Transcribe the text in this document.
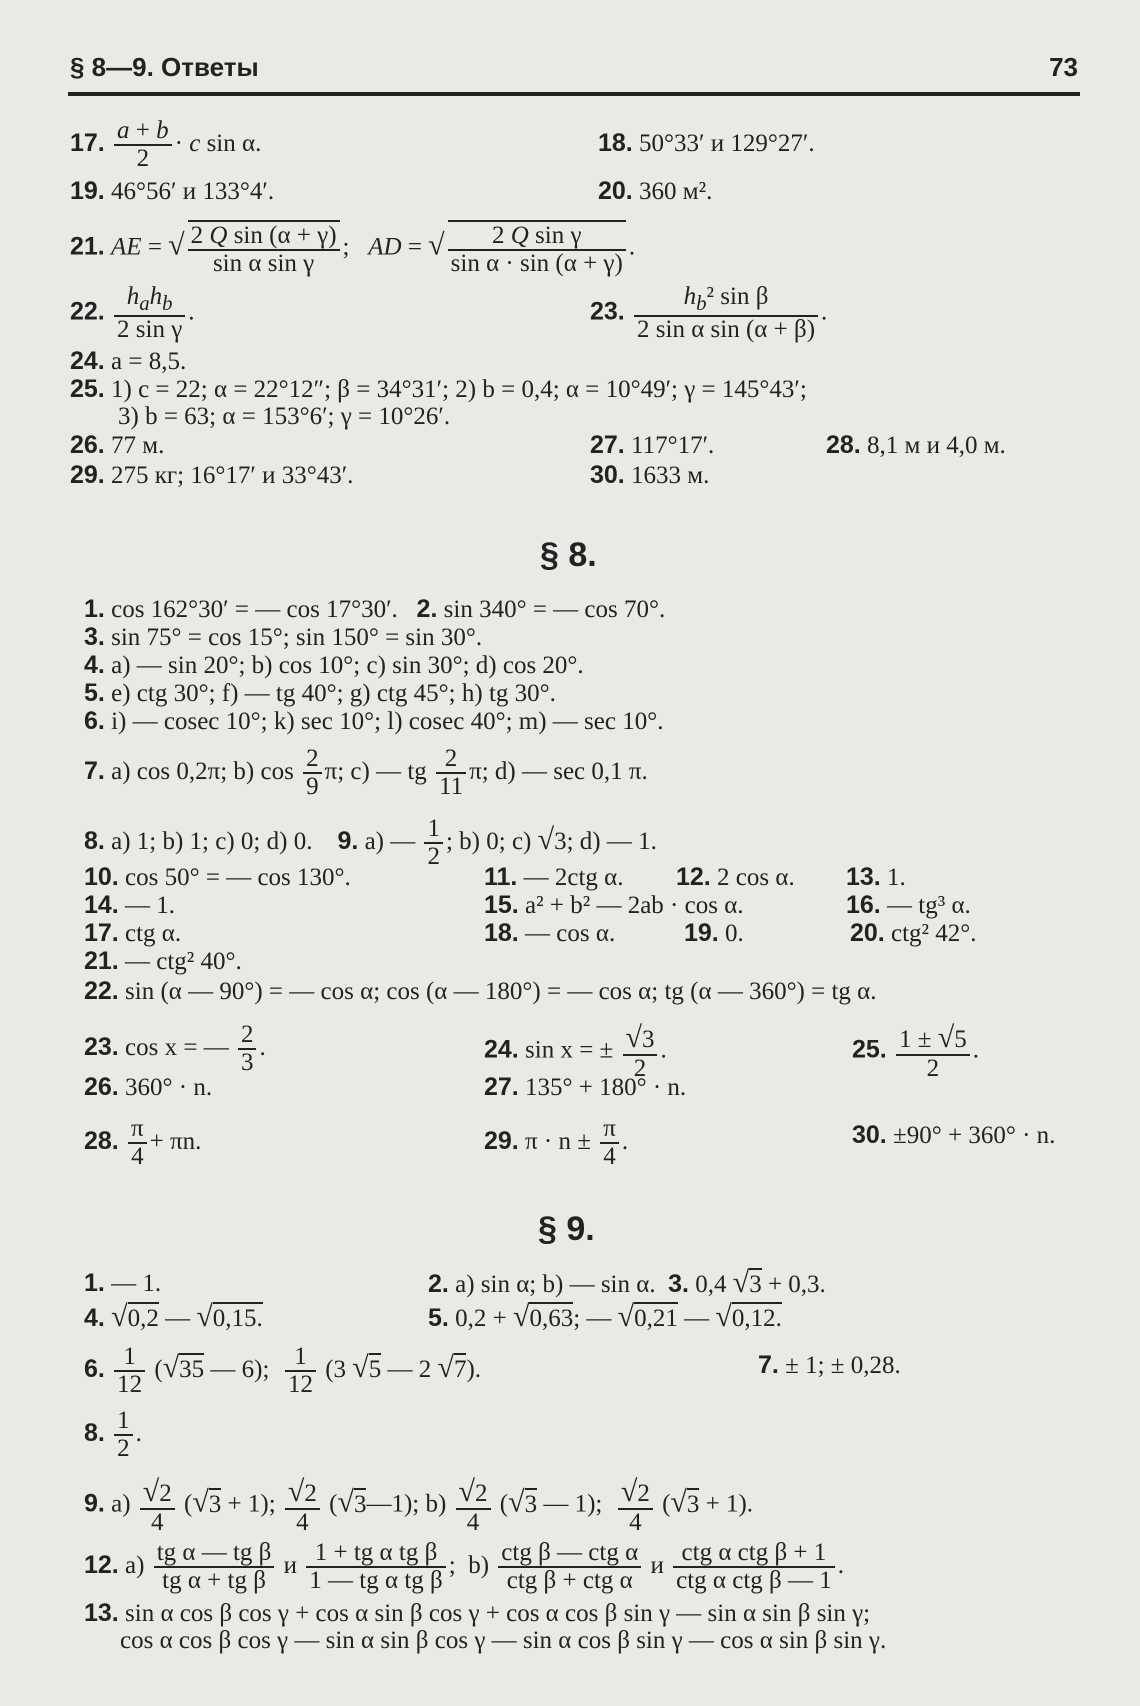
§ 8—9. Ответы	73
17. $\frac{a + b}{2} \cdot c$ sin α.	18. 50°33′ и 129°27′.
19. 46°56′ и 133°4′.	20. 360 м².
21. AE = √ $\frac{\text{2 Q sin (α + γ)}}{\text{sin α sin γ}}$ ;   AD = √ $\frac{\text{2 Q sin γ}}{\text{sin α · sin (α + γ)}}$ .
22. $\frac{h_ah_b}{\text{2 sin γ}}$ .	23. $\frac{h_b^2 \sin \beta}{\text{2 sin α sin (α + β)}}$ .
24. a = 8,5.
25. 1) c = 22; α = 22°12″; β = 34°31′; 2) b = 0,4; α = 10°49′; γ = 145°43′;
3) b = 63; α = 153°6′; γ = 10°26′.
26. 77 м.	27. 117°17′.	28. 8,1 м и 4,0 м.
29. 275 кг; 16°17′ и 33°43′.	30. 1633 м.
§ 8.
1. cos 162°30′ = — cos 17°30′. 2. sin 340° = — cos 70°.
3. sin 75° = cos 15°; sin 150° = sin 30°.
4. a) — sin 20°; b) cos 10°; c) sin 30°; d) cos 20°.
5. e) ctg 30°; f) — tg 40°; g) ctg 45°; h) tg 30°.
6. i) — cosec 10°; k) sec 10°; l) cosec 40°; m) — sec 10°.
7. a) cos 0,2π; b) $\cos \frac{2}{9} \pi$; c) — tg $\frac{2}{11} \pi$; d) — sec 0,1 π.
8. a) 1; b) 1; c) 0; d) 0. 9. a) — $\frac{1}{2}$ ; b) 0; c) √3; d) — 1.
10. cos 50° = — cos 130°.	11. — 2ctg α. 12. 2 cos α. 13. 1.
14. — 1.	15. a² + b² — 2ab · cos α.	16. — tg³ α.
17. ctg α.	18. — cos α.	19. 0.	20. ctg² 42°.
21. — ctg² 40°.
22. sin (α — 90°) = — cos α; cos (α — 180°) = — cos α; tg (α — 360°) = tg α.
23. cos x = — $\frac{2}{3}$ .	24. sin x = ± $\frac{√3}{2}$ .	25. $\frac{1 \pm √5}{2}$ .
26. 360° · n.	27. 135° + 180° · n.
28. $\frac{\pi}{4} + \pi n$.	29. $\pi \cdot n \pm \frac{\pi}{4}$ .	30. ±90° + 360° · n.
§ 9.
1. — 1.	2. a) sin α; b) — sin α. 3. 0,4 √3 + 0,3.
4. √0,2 — √0,15.	5. 0,2 + √0,63; — √0,21 — √0,12.
6. $\frac{1}{12} (√35$ — 6); $\frac{1}{12} (3$ √5 — 2 √7).	7. ± 1; ± 0,28.
8. $\frac{1}{2}$ .
9. $a) \frac{√2}{4} (√3 + 1)$; $\frac{√2}{4}$ (√3—1); $b) \frac{√2}{4} (√3$ — 1); $\frac{√2}{4} (√3 + 1)$.
12. $a) \frac{\text{tg α — tg β}}{\text{tg α + tg β}}$ и $\frac{\text{1 + tg α tg β}}{\text{1 — tg α tg β}}$ ;  $b) \frac{\text{ctg β — ctg α}}{\text{ctg β + ctg α}}$ и $\frac{\text{ctg α ctg β + 1}}{\text{ctg α ctg β — 1}}$ .
13. sin α cos β cos γ + cos α sin β cos γ + cos α cos β sin γ — sin α sin β sin γ;
cos α cos β cos γ — sin α sin β cos γ — sin α cos β sin γ — cos α sin β sin γ.
